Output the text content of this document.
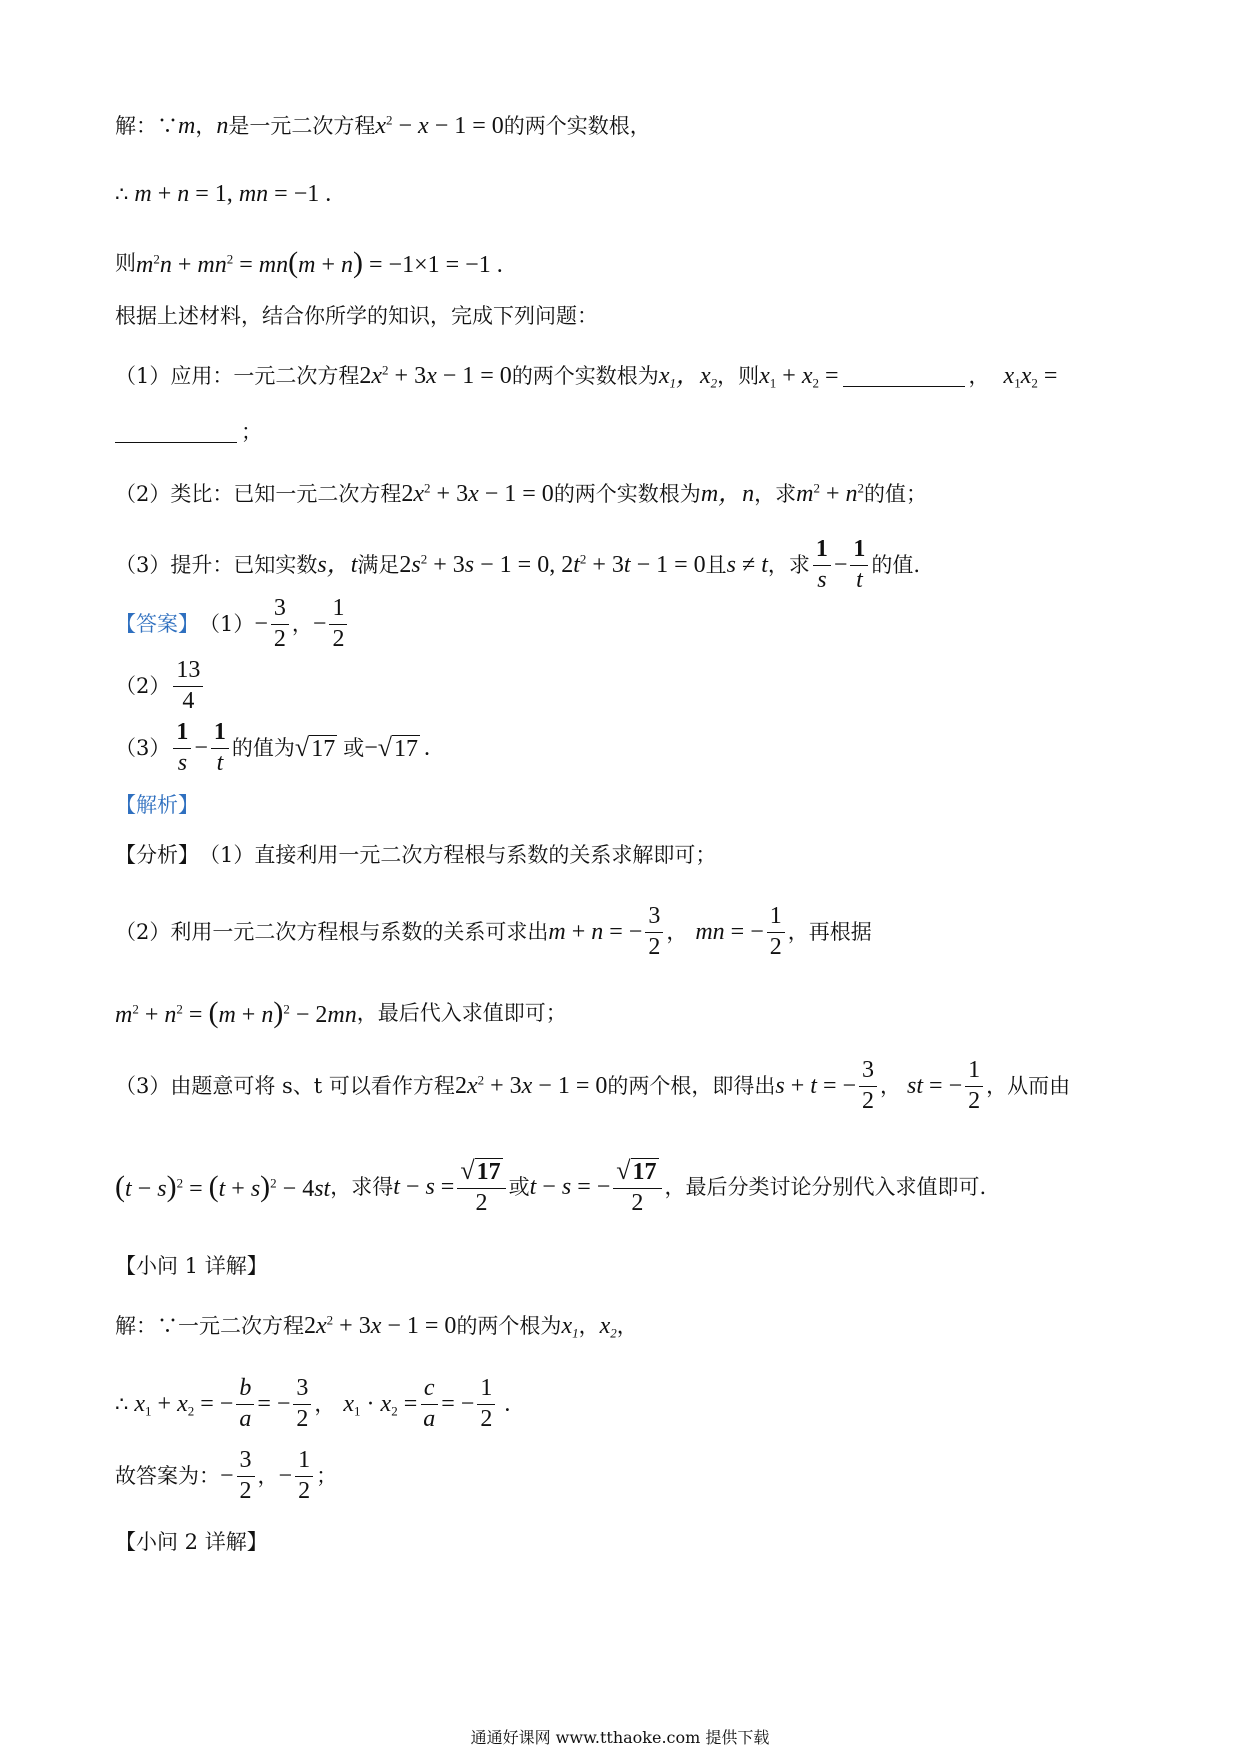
解：∵ m ， n 是一元二次方程 $x^2 - x - 1 = 0$ 的两个实数根，
∴ m + n = 1, mn = −1 .
则 $m^2n + mn^2 = mn(m + n) = -1\times 1 = -1$ .
根据上述材料，结合你所学的知识，完成下列问题：
（1）应用：一元二次方程 $2x^2 + 3x - 1 = 0$ 的两个实数根为 $x_1$，$x_2$ ，则 $x_1 + x_2$ =	， $x_1x_2$ =
；
（2）类比：已知一元二次方程 $2x^2 + 3x - 1 = 0$ 的两个实数根为 m，n ，求 $m^2 + n^2$ 的值；
（3）提升：已知实数 s，t 满足 $2s^2 + 3s - 1 = 0$, $2t^2 + 3t - 1 = 0$ 且 s ≠ t ，求 $\frac{1}{s} - \frac{1}{t}$ 的值.
【答案】 $(1) - \frac{3}{2}$ ， − $\frac{1}{2}$
$(2) \frac{13}{4}$
$(3) \frac{1}{s} - \frac{1}{t}$ 的值为 √ 17 或 − √ 17 .
【解析】
【分析】 （1）直接利用一元二次方程根与系数的关系求解即可；
（2）利用一元二次方程根与系数的关系可求出 m + n = − $\frac{3}{2}$ ， mn = − $\frac{1}{2}$ ，再根据
$m^2 + n^2 = (m + n)^2 - 2mn$ ，最后代入求值即可；
（3）由题意可将 s、t 可以看作方程 $2x^2 + 3x - 1 = 0$ 的两个根，即得出 s + t = − $\frac{3}{2}$ ， st = − $\frac{1}{2}$ ，从而由
$(t - s)^2 = (t + s)^2 - 4st$ ，求得 $t - s = \frac{√ 17}{2}$ 或 t − s = − $\frac{√ 17}{2}$ ，最后分类讨论分别代入求值即可.
【小问 1 详解】
解：∵一元二次方程 $2x^2 + 3x - 1 = 0$ 的两个根为 $x_1$ ， $x_2$ ，
∴ $x_1 + x_2$ = − $\frac{b}{a}$ = − $\frac{3}{2}$ ， $x_1 \cdot x_2 = \frac{c}{a}$ = − $\frac{1}{2}$ .
故答案为： − $\frac{3}{2}$ ， − $\frac{1}{2}$ ；
【小问 2 详解】
通通好课网 www.tthaoke.com 提供下载
